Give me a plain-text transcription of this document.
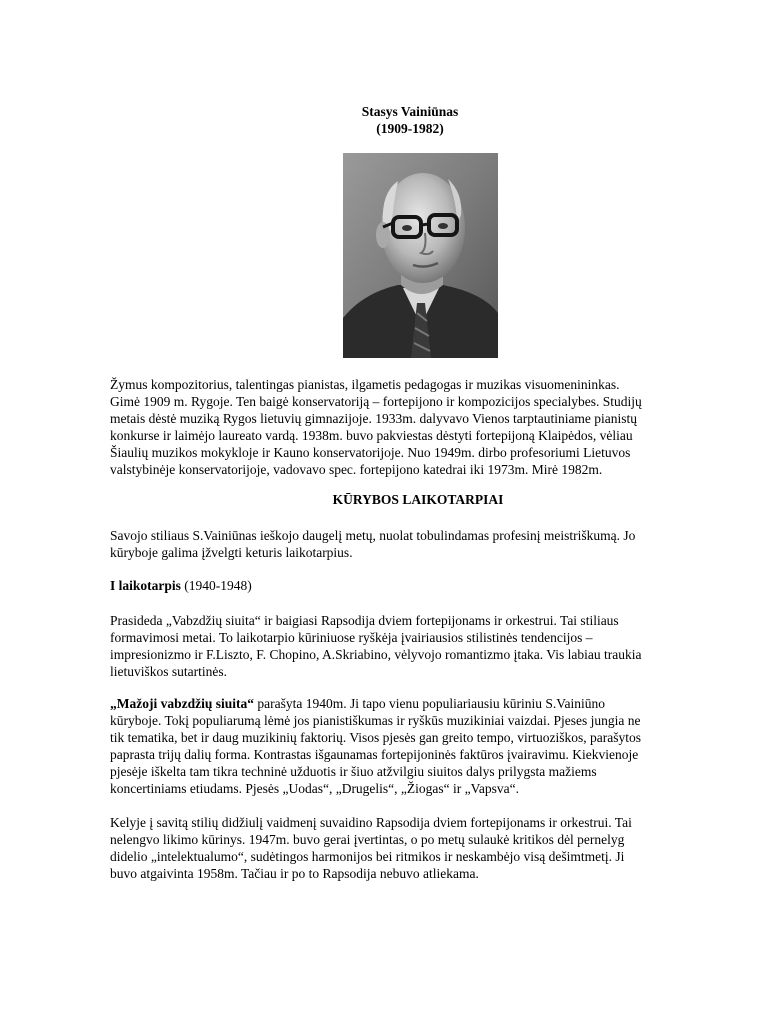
Stasys Vainiūnas
(1909-1982)
Žymus kompozitorius, talentingas pianistas, ilgametis pedagogas ir muzikas visuomenininkas.
Gimė 1909 m. Rygoje. Ten baigė konservatoriją – fortepijono ir kompozicijos specialybes. Studijų
metais dėstė muziką Rygos lietuvių gimnazijoje. 1933m. dalyvavo Vienos tarptautiniame pianistų
konkurse ir laimėjo laureato vardą. 1938m. buvo pakviestas dėstyti fortepijoną Klaipėdos, vėliau
Šiaulių muzikos mokykloje ir Kauno konservatorijoje. Nuo 1949m. dirbo profesoriumi Lietuvos
valstybinėje konservatorijoje, vadovavo spec. fortepijono katedrai iki 1973m. Mirė 1982m.
KŪRYBOS LAIKOTARPIAI
Savojo stiliaus S.Vainiūnas ieškojo daugelį metų, nuolat tobulindamas profesinį meistriškumą. Jo
kūryboje galima įžvelgti keturis laikotarpius.
I laikotarpis (1940-1948)
Prasideda „Vabzdžių siuita“ ir baigiasi Rapsodija dviem fortepijonams ir orkestrui. Tai stiliaus
formavimosi metai. To laikotarpio kūriniuose ryškėja įvairiausios stilistinės tendencijos –
impresionizmo ir F.Liszto, F. Chopino, A.Skriabino, vėlyvojo romantizmo įtaka. Vis labiau traukia
lietuviškos sutartinės.
„Mažoji vabzdžių siuita“ parašyta 1940m. Ji tapo vienu populiariausiu kūriniu S.Vainiūno
kūryboje. Tokį populiarumą lėmė jos pianistiškumas ir ryškūs muzikiniai vaizdai. Pjeses jungia ne
tik tematika, bet ir daug muzikinių faktorių. Visos pjesės gan greito tempo, virtuoziškos, parašytos
paprasta trijų dalių forma. Kontrastas išgaunamas fortepijoninės faktūros įvairavimu. Kiekvienoje
pjesėje iškelta tam tikra techninė užduotis ir šiuo atžvilgiu siuitos dalys prilygsta mažiems
koncertiniams etiudams. Pjesės „Uodas“, „Drugelis“, „Žiogas“ ir „Vapsva“.
Kelyje į savitą stilių didžiulį vaidmenį suvaidino Rapsodija dviem fortepijonams ir orkestrui. Tai
nelengvo likimo kūrinys. 1947m. buvo gerai įvertintas, o po metų sulaukė kritikos dėl pernelyg
didelio „intelektualumo“, sudėtingos harmonijos bei ritmikos ir neskambėjo visą dešimtmetį. Ji
buvo atgaivinta 1958m. Tačiau ir po to Rapsodija nebuvo atliekama.
